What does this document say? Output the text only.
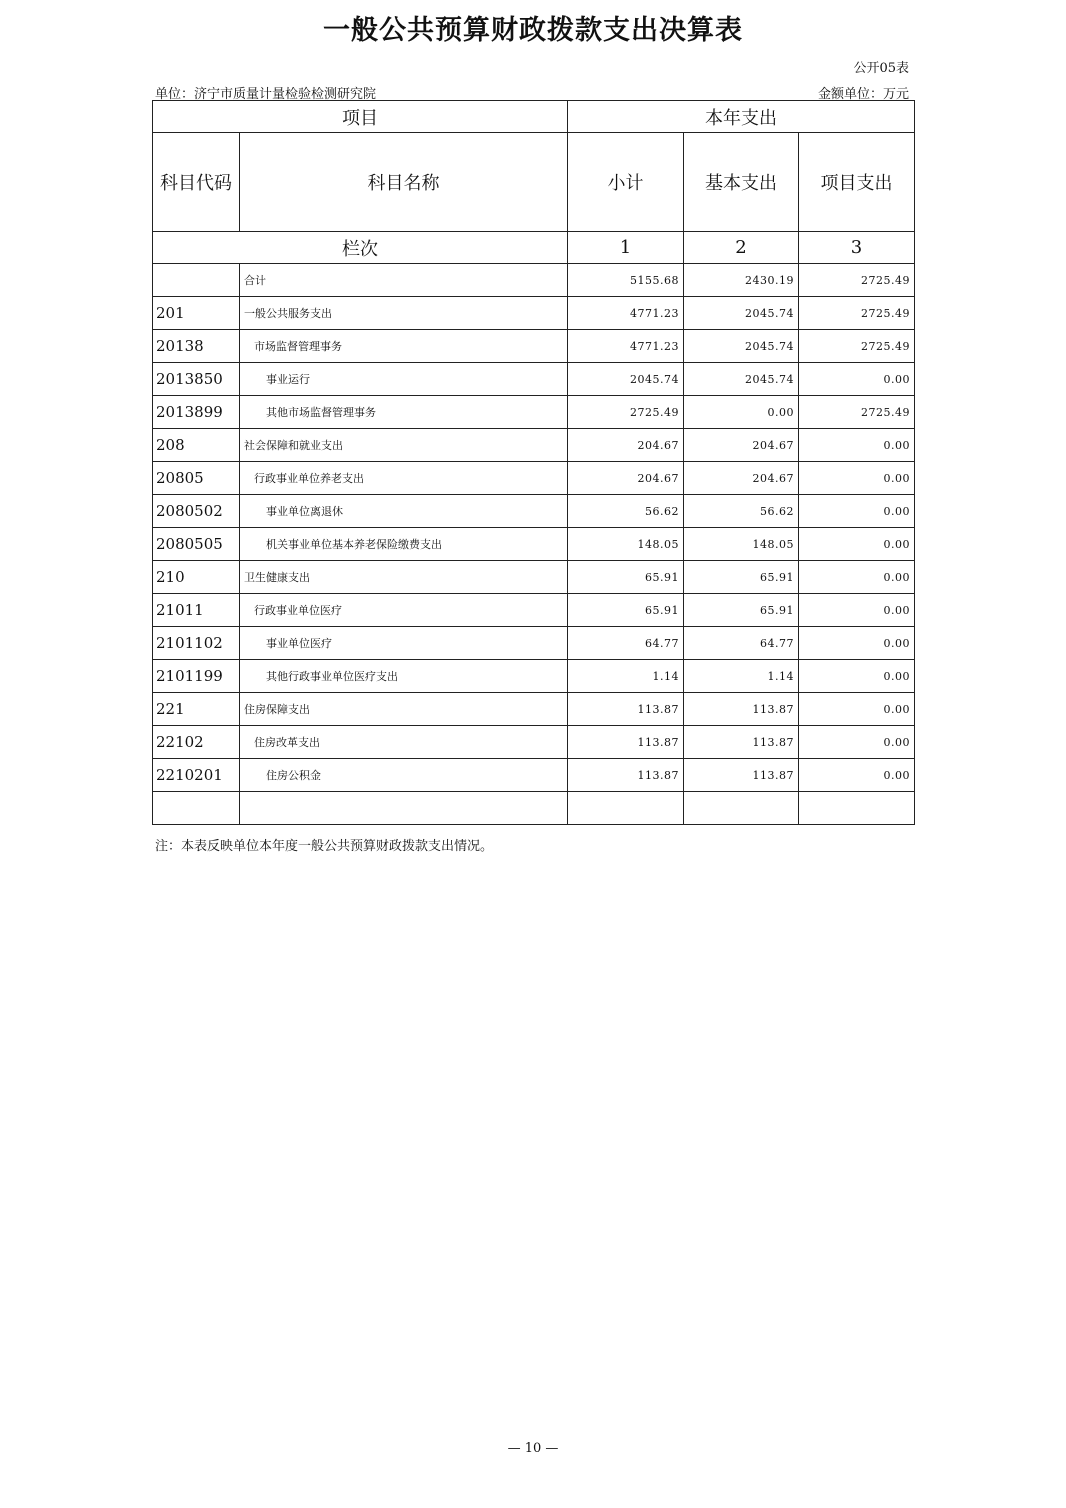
一般公共预算财政拨款支出决算表
公开05表
单位：济宁市质量计量检验检测研究院	金额单位：万元
项目		本年支出		
科目代码	科目名称	小计	基本支出	项目支出
栏次		1	2	3
	合计	5155.68	2430.19	2725.49
201	一般公共服务支出	4771.23	2045.74	2725.49
20138	市场监督管理事务	4771.23	2045.74	2725.49
2013850	事业运行	2045.74	2045.74	0.00
2013899	其他市场监督管理事务	2725.49	0.00	2725.49
208	社会保障和就业支出	204.67	204.67	0.00
20805	行政事业单位养老支出	204.67	204.67	0.00
2080502	事业单位离退休	56.62	56.62	0.00
2080505	机关事业单位基本养老保险缴费支出	148.05	148.05	0.00
210	卫生健康支出	65.91	65.91	0.00
21011	行政事业单位医疗	65.91	65.91	0.00
2101102	事业单位医疗	64.77	64.77	0.00
2101199	其他行政事业单位医疗支出	1.14	1.14	0.00
221	住房保障支出	113.87	113.87	0.00
22102	住房改革支出	113.87	113.87	0.00
2210201	住房公积金	113.87	113.87	0.00

注：本表反映单位本年度一般公共预算财政拨款支出情况。
— 10 —
